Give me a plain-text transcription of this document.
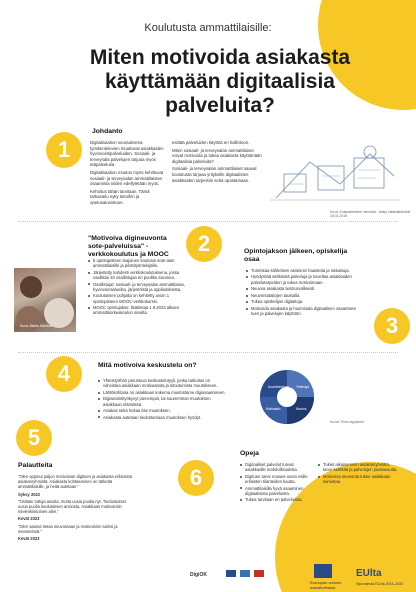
Koulutusta ammattilaisille:
Miten motivoida asiakasta käyttämään digitaalisia palveluita?
1
Johdanto

Digitalisaation seurauksena työskentelevien muuttuvat asiakkaiden hyvinvointipalveluiden. Sosiaali- ja terveysala palvelujen tarjoaa myös etäpalveluita.

Digitalisaation muutos myös kehittuvat sosiaali- ja terveysalan ammattilaisten osaamista niiden edellytetään myös.

Kehoitus tähän tarvitaan. Tämä tarkastelu nyky tietoihin ja opetusaineistoon.

esittää palveluiden käyttöä eri hallintoon.

Miten sosiaali- ja terveysalan ammattilaiset voivat motivoida ja tukea asiakasta käyttämään digitaalisia palveluita?

Sosiaali- ja terveysalan ammattilaiset saavat koulutusta tarjoaa yrityksille digitaalisten asiakkaiden tarpeisiin sekä opastamaan.

Kuva: Kolarasteseine viennissi - teisty määrääntelivät 18.01.2018
2
"Motivoiva digineuvonta sote-palveluissa" -verkkokoulutus ja MOOC
Kuva: Marko Kärntsa
5 opintopisteen laajuinen koulutus sote-alan ammattilaisille ja pilottityöntekijöille.
Järjestetty kahdesti verkkokoulutuksena, jossa osallistui 40 osallistujaa eri puolilta Suomea.
Osallistujat: sosiaali- ja terveysalan ammattilaisia, hyvinvointialueilta, järjestöistä ja oppilaitoksista.
Koulutuksen pohjalta on kehitetty avoin 1 opintopisteen MOOC-verkkokurssi.
MOOC opintojakso: lisätietoja 1.9.2023 alkaen ammattikorkeakoulun sivuilta.
Opintojakson jälkeen, opiskelija osaa
Tunnistaa sähköisen asioinnin haasteita ja ratkaisuja.
Hyödyntää sähköisiä palveluja ja soveltaa asiakkaiden palvelutarpeiden ja tukea motivoimaan.
Neuvoa asiakasta tietoturvallisesti.
Neuvontataitojen taustalla.
Tukea opiskelijan digitaitoja.
Motivoida asiakasta ja huomioida digitaalisen osaamisen tuen ja palvelujen käyttöön.	3
4	Mitä motivoiva keskustelu on?
Yhteistyöhön perustuva keskustelutyyli, jonka tarkoitus on vahvistaa asiakkaan motivaatiota ja sitoutumista muutokseen.
Lähtökohtana on asiakkaan kokema muutostarve digiosaamiseen.
Digiasiointityökyvyt pienempiä, tai suuremman muutoksen asiakkaan elämässä.
Asiakas sekä hoitaa itse muutoksen.
Asiakasta autetaan tiedostamaan muutoksen hyödyt.
Kuunteleminen Yhteistyö
Muutos
Motivaatio
Kuvat: Tiina Leppänen
5
Palautteita

"Olen oppinut paljon motivoivan digituen ja asiakasta erilaisista asiakasryhmistä. Asiakasta kohtaaminen on tärkeää ammattilaisille, ja heitä autetaan."

Syksy 2022

"Osittain tuttuja asioita, mutta uusia puolia nyt. Tiedostukset uusia puolia koulutuksen ansiosta. Asiakkaan motivointiin mielenkiintoinen aihe."

Kevät 2023

"Olen saanut tietoa neuvontaan ja motivoinnin tueksi ja menetelmiä."

Kevät 2023

6
Opeja
Digitaaliset palvelut tuovat asiakkaalle mahdollisuuksia.
Digituen tarve nousee usein esille erilaisten tilanteiden kautta.
Ammattilaisilla hyvä osaaminen digitaalisista palveluista.
Tukea tarvitaan eri palveluissa.
Tukiet aikaisemmin asiakasryhmiltä, tarve kehittää ja palvelujen joustavuutta.
Motivoiva neuvonta tukee asiakkaan toimintaa.
DigiOK
Euroopan unionin osarahoittama
EUlta
Vipuvoimaa EU:lta 2014–2020
